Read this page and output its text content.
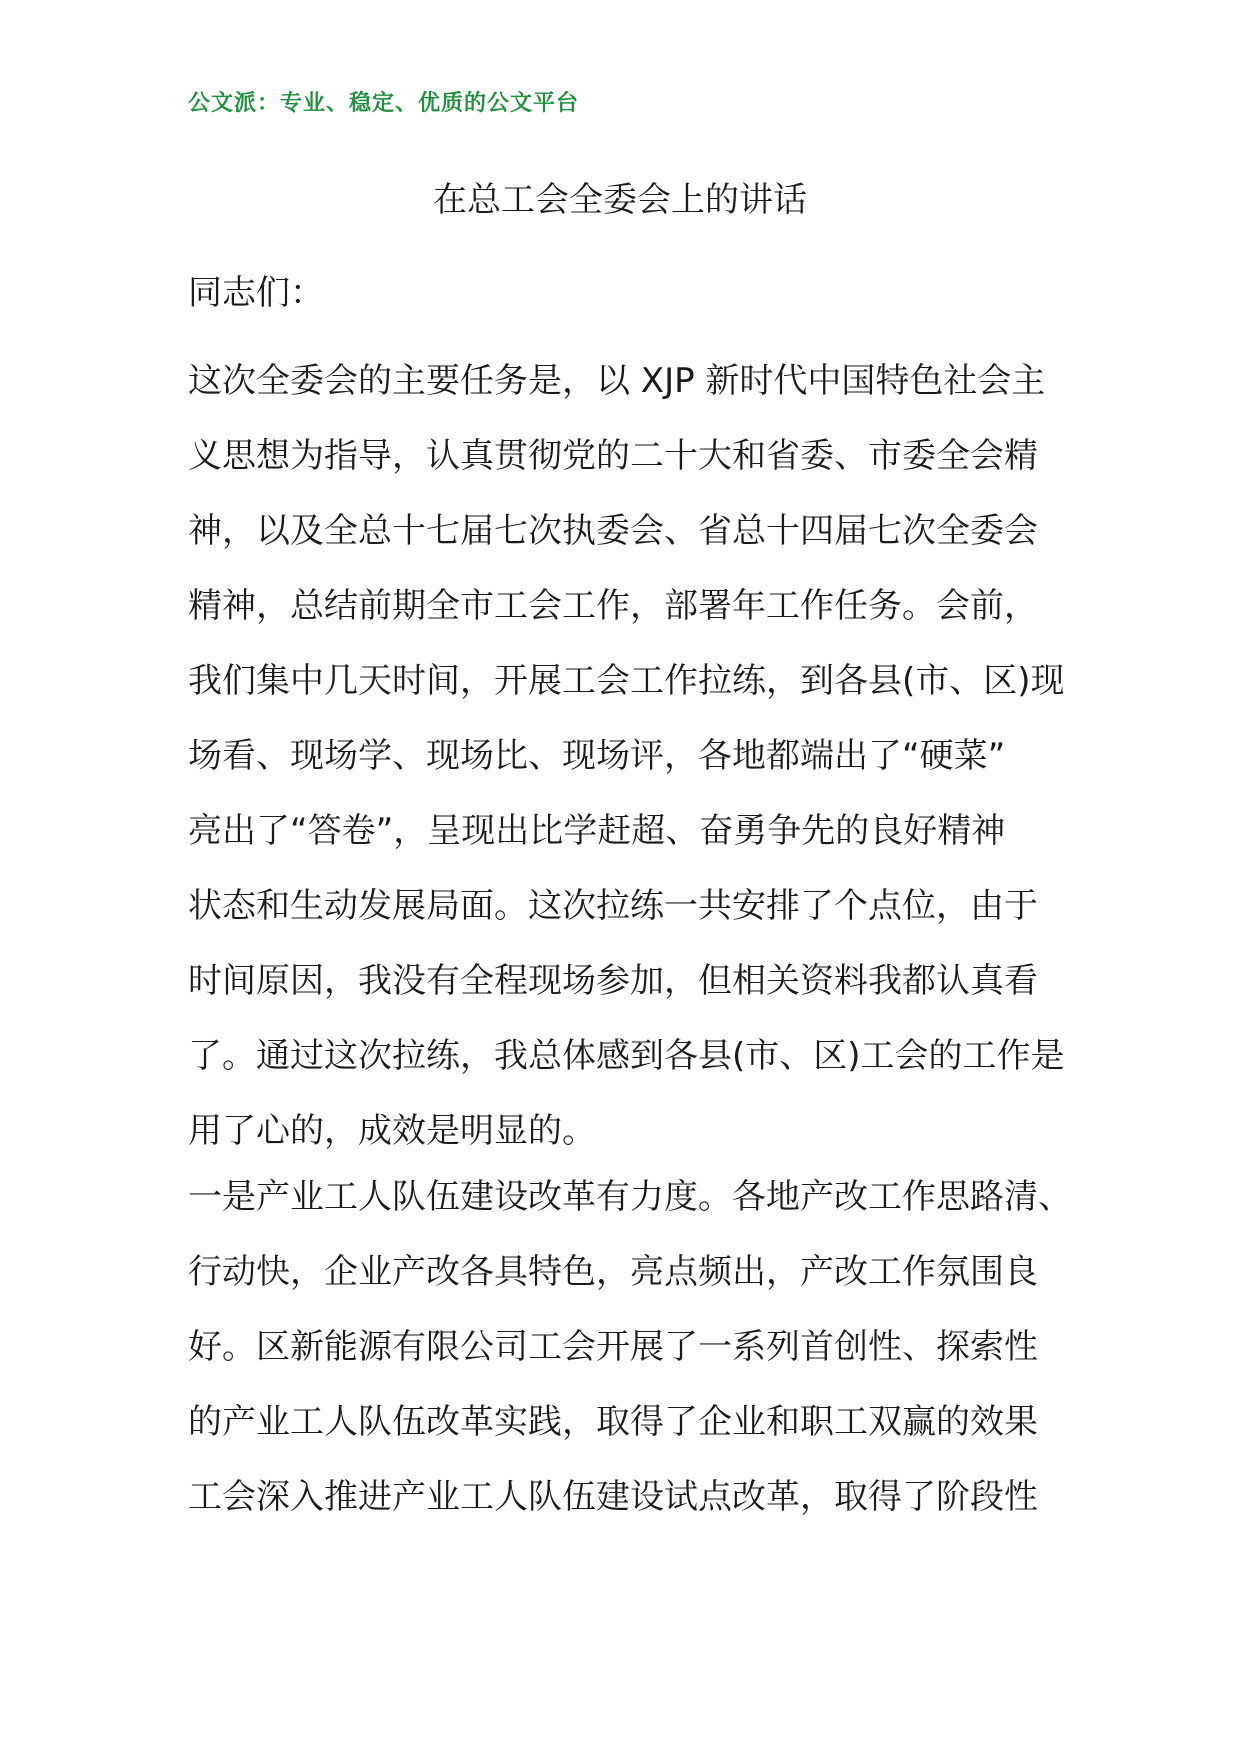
公文派：专业、稳定、优质的公文平台
在总工会全委会上的讲话
同志们：
这次全委会的主要任务是，以 XJP 新时代中国特色社会主
义思想为指导，认真贯彻党的二十大和省委、市委全会精
神，以及全总十七届七次执委会、省总十四届七次全委会
精神，总结前期全市工会工作，部署年工作任务。会前，
我们集中几天时间，开展工会工作拉练，到各县(市、区)现
场看、现场学、现场比、现场评，各地都端出了“硬菜”
亮出了“答卷”，呈现出比学赶超、奋勇争先的良好精神
状态和生动发展局面。这次拉练一共安排了个点位，由于
时间原因，我没有全程现场参加，但相关资料我都认真看
了。通过这次拉练，我总体感到各县(市、区)工会的工作是
用了心的，成效是明显的。
一是产业工人队伍建设改革有力度。各地产改工作思路清、
行动快，企业产改各具特色，亮点频出，产改工作氛围良
好。区新能源有限公司工会开展了一系列首创性、探索性
的产业工人队伍改革实践，取得了企业和职工双赢的效果
工会深入推进产业工人队伍建设试点改革，取得了阶段性
